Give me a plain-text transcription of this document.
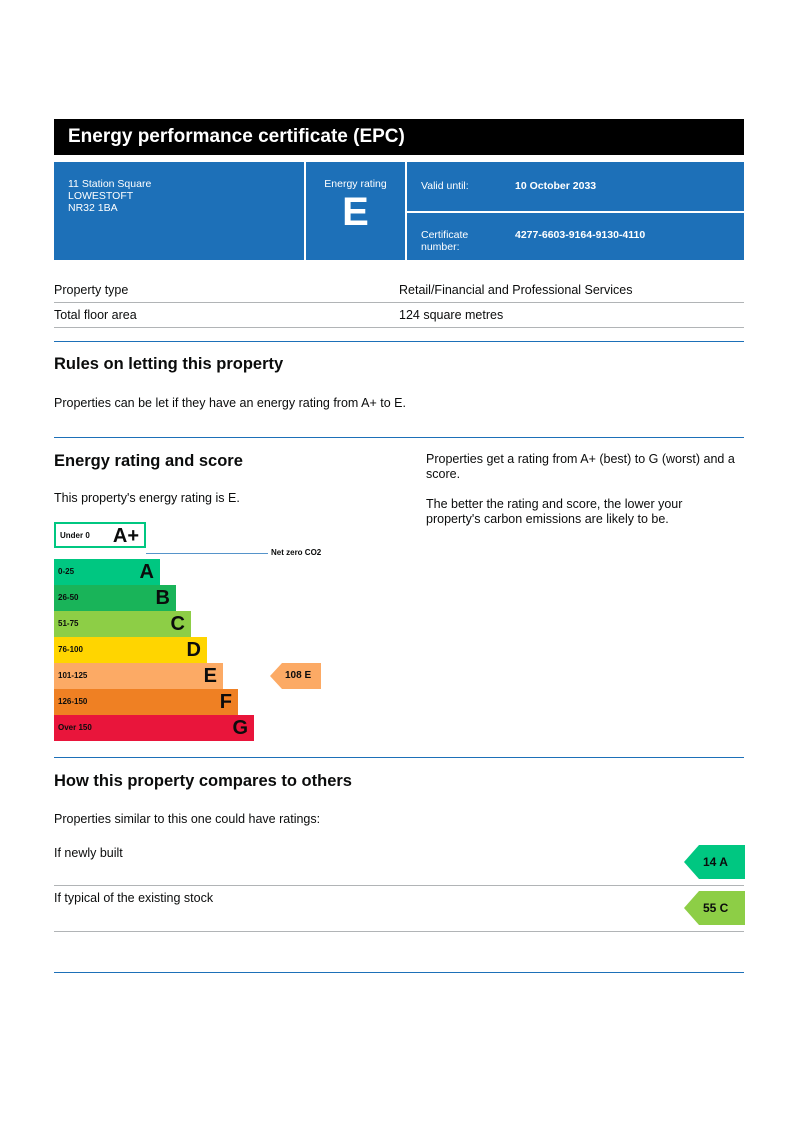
Energy performance certificate (EPC)
11 Station Square
LOWESTOFT
NR32 1BA
Energy rating
E
Valid until:	10 October 2033
Certificate number:
4277-6603-9164-9130-4110
Property type	Retail/Financial and Professional Services
Total floor area	124 square metres
Rules on letting this property

Properties can be let if they have an energy rating from A+ to E.

Energy rating and score

This property's energy rating is E.

Properties get a rating from A+ (best) to G (worst) and a score.

The better the rating and score, the lower your property's carbon emissions are likely to be.

Under 0 A+
Net zero CO2
0-25	A
26-50	B
51-75	C
76-100	D
101-125	E
126-150	F
Over 150	G
108 E
How this property compares to others

Properties similar to this one could have ratings:

If newly built
14 A
If typical of the existing stock
55 C
